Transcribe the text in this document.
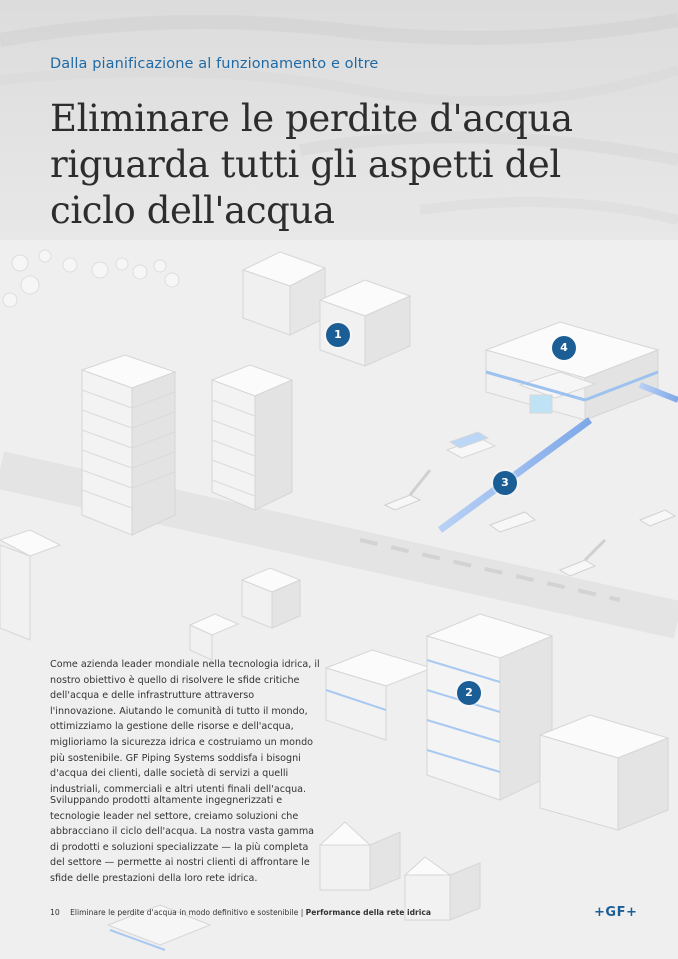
Dalla pianificazione al funzionamento e oltre
Eliminare le perdite d'acqua
riguarda tutti gli aspetti del
ciclo dell'acqua
1
2
3
4

Come azienda leader mondiale nella tecnologia idrica, il nostro obiettivo è quello di risolvere le sfide critiche dell'acqua e delle infrastrutture attraverso l'innovazione. Aiutando le comunità di tutto il mondo, ottimizziamo la gestione delle risorse e dell'acqua, miglioriamo la sicurezza idrica e costruiamo un mondo più sostenibile. GF Piping Systems soddisfa i bisogni d'acqua dei clienti, dalle società di servizi a quelli industriali, commerciali e altri utenti finali dell'acqua.

Sviluppando prodotti altamente ingegnerizzati e tecnologie leader nel settore, creiamo soluzioni che abbracciano il ciclo dell'acqua. La nostra vasta gamma di prodotti e soluzioni specializzate — la più completa del settore — permette ai nostri clienti di affrontare le sfide delle prestazioni della loro rete idrica.

10 Eliminare le perdite d'acqua in modo definitivo e sostenibile | Performance della rete idrica	+GF+
